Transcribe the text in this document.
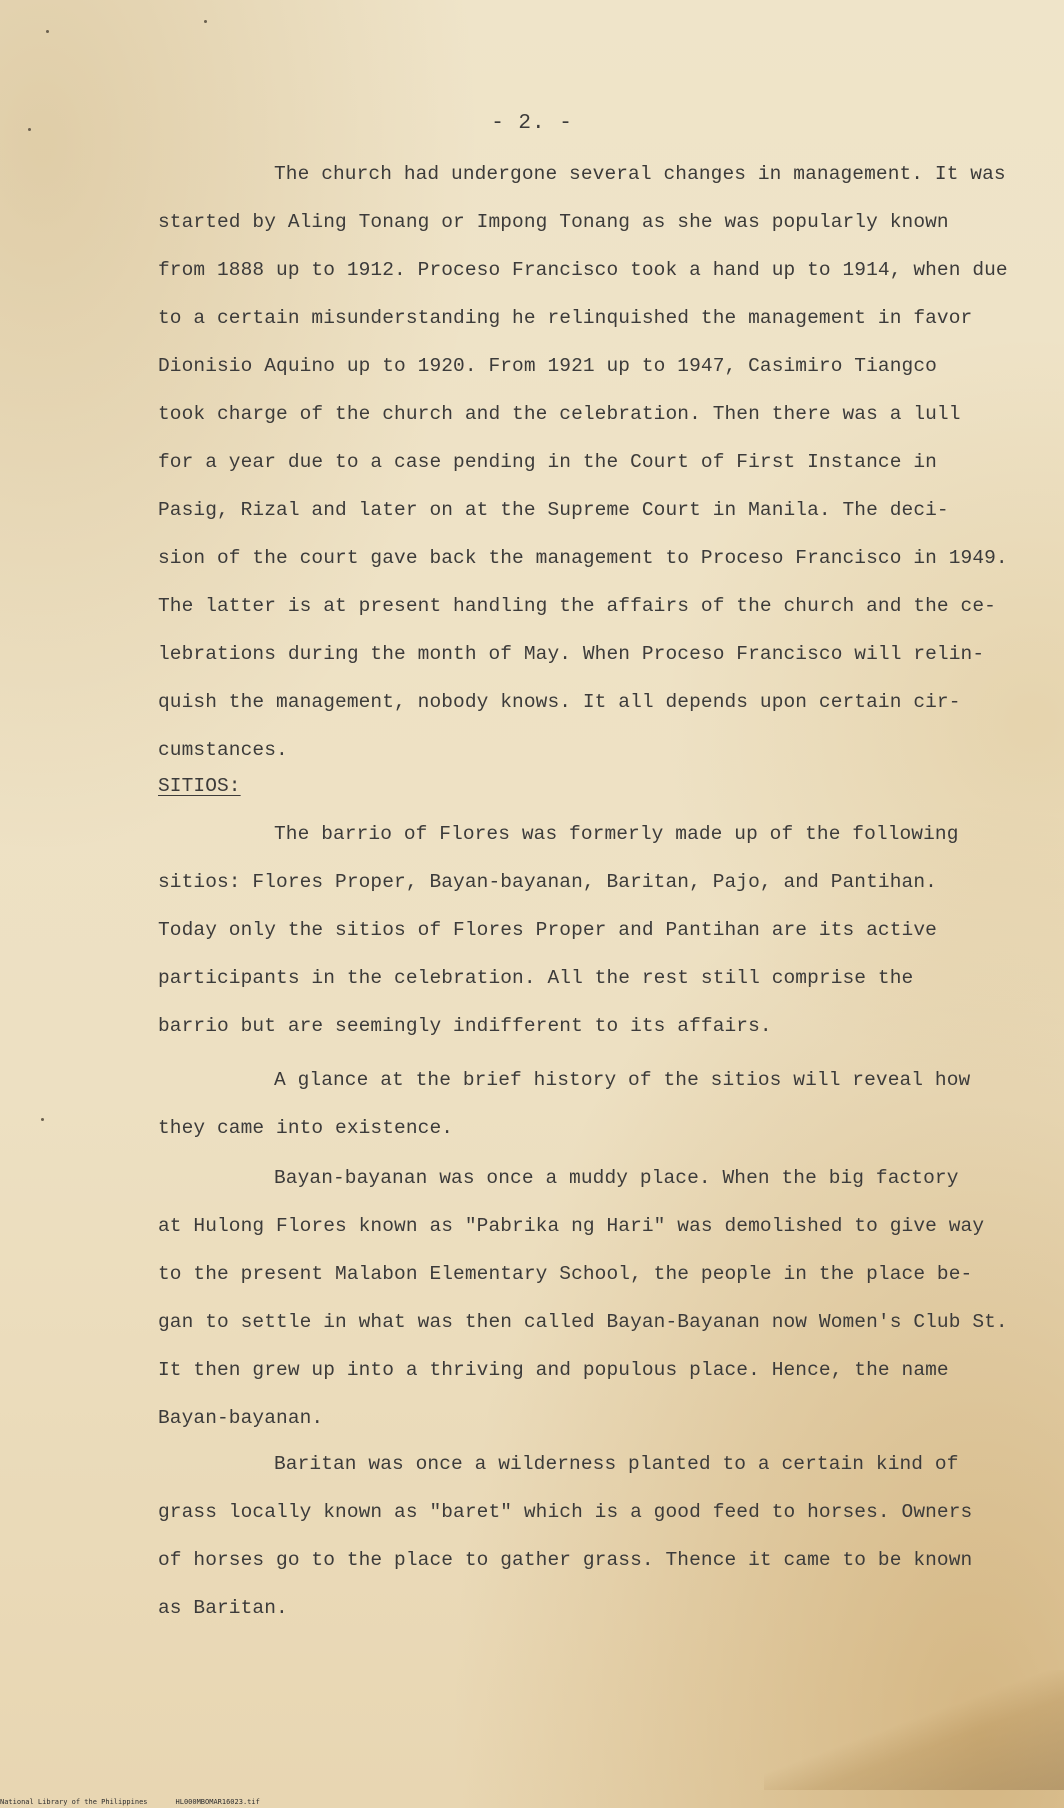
- 2. -
The church had undergone several changes in management. It was
started by Aling Tonang or Impong Tonang as she was popularly known
from 1888 up to 1912. Proceso Francisco took a hand up to 1914, when due
to a certain misunderstanding he relinquished the management in favor
Dionisio Aquino up to 1920. From 1921 up to 1947, Casimiro Tiangco
took charge of the church and the celebration. Then there was a lull
for a year due to a case pending in the Court of First Instance in
Pasig, Rizal and later on at the Supreme Court in Manila. The deci-
sion of the court gave back the management to Proceso Francisco in 1949.
The latter is at present handling the affairs of the church and the ce-
lebrations during the month of May. When Proceso Francisco will relin-
quish the management, nobody knows. It all depends upon certain cir-
cumstances.
SITIOS:
The barrio of Flores was formerly made up of the following
sitios: Flores Proper, Bayan-bayanan, Baritan, Pajo, and Pantihan.
Today only the sitios of Flores Proper and Pantihan are its active
participants in the celebration. All the rest still comprise the
barrio but are seemingly indifferent to its affairs.
A glance at the brief history of the sitios will reveal how
they came into existence.
Bayan-bayanan was once a muddy place. When the big factory
at Hulong Flores known as "Pabrika ng Hari" was demolished to give way
to the present Malabon Elementary School, the people in the place be-
gan to settle in what was then called Bayan-Bayanan now Women's Club St.
It then grew up into a thriving and populous place. Hence, the name
Bayan-bayanan.
Baritan was once a wilderness planted to a certain kind of
grass locally known as "baret" which is a good feed to horses. Owners
of horses go to the place to gather grass. Thence it came to be known
as Baritan.
National Library of the Philippines	HL000MBOMAR16023.tif
